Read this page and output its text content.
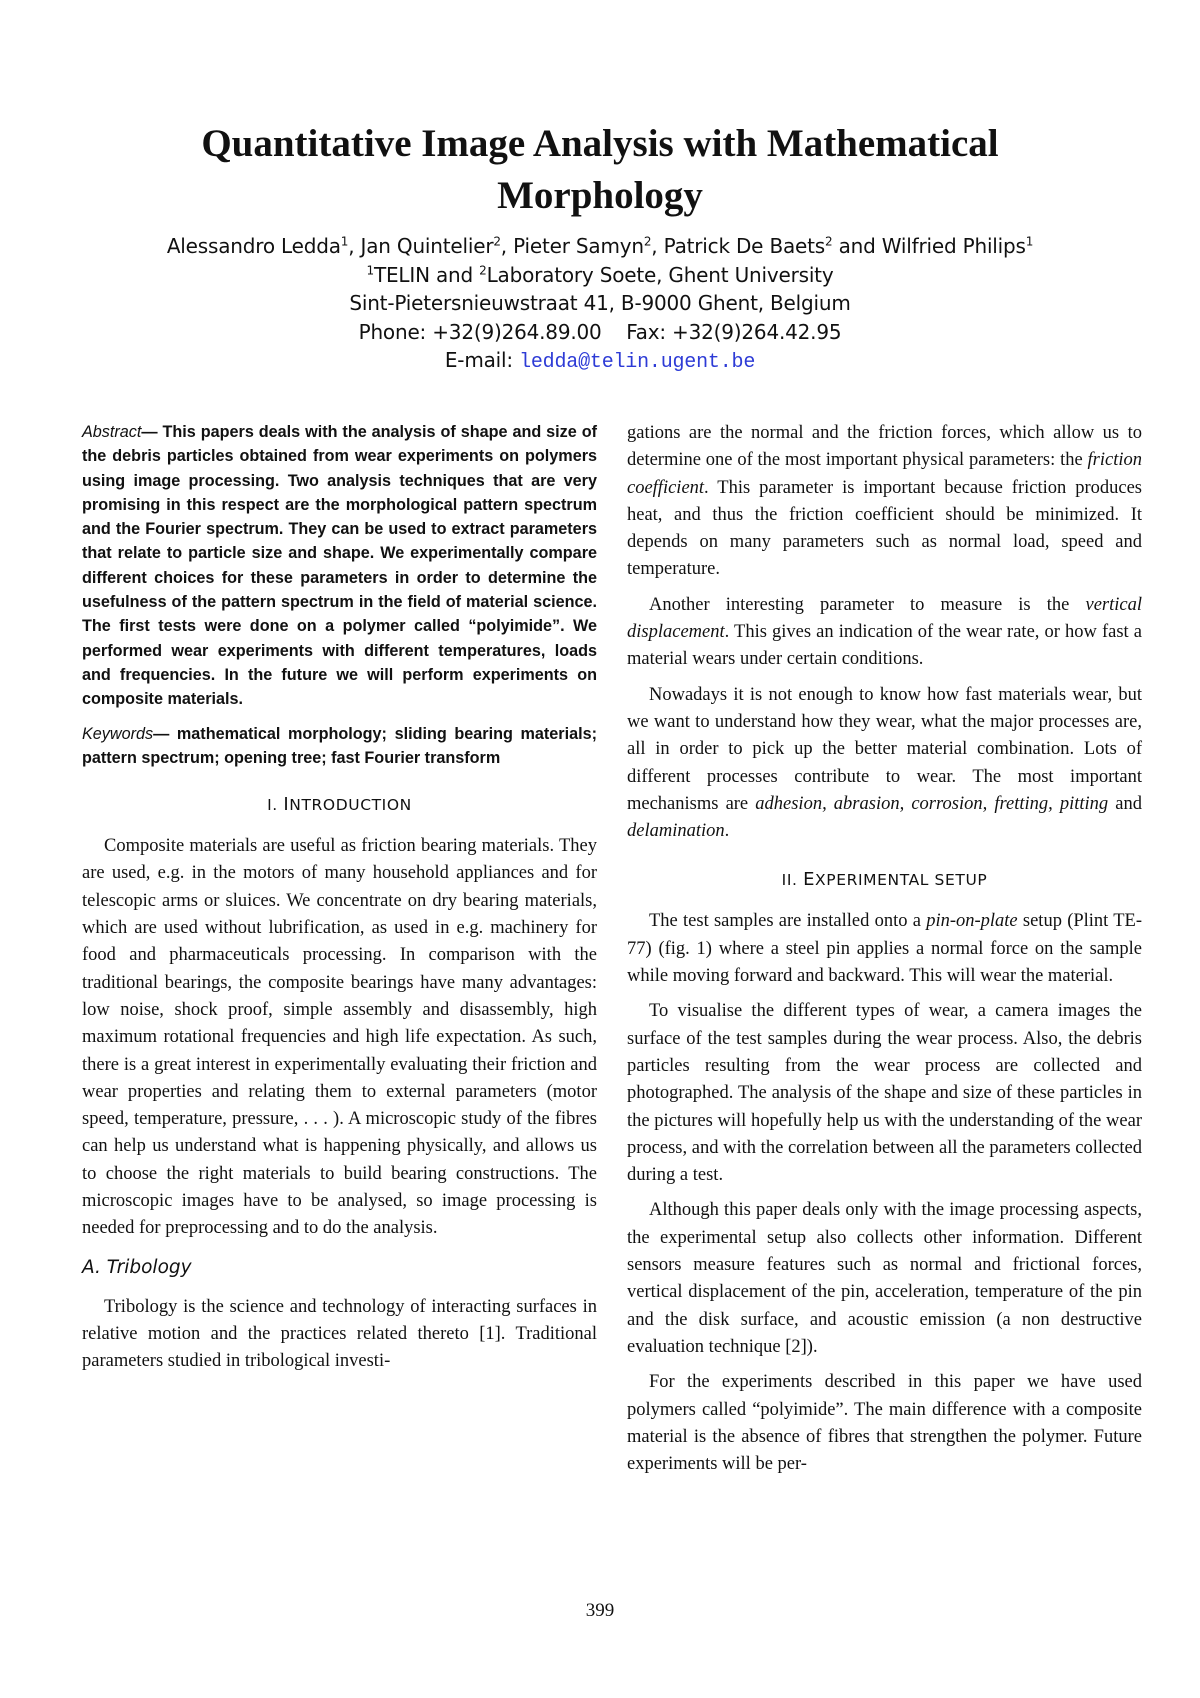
Quantitative Image Analysis with Mathematical
Morphology
Alessandro Ledda$^1$, Jan Quintelier$^2$, Pieter Samyn$^2$, Patrick De Baets$^2$ and Wilfried Philips$^1$
$^1$TELIN and $^2$Laboratory Soete, Ghent University
Sint-Pietersnieuwstraat 41, B-9000 Ghent, Belgium
Phone: +32(9)264.89.00    Fax: +32(9)264.42.95
E-mail: ledda@telin.ugent.be

Abstract— This papers deals with the analysis of shape and size of the debris particles obtained from wear experiments on polymers using image processing. Two analysis techniques that are very promising in this respect are the morphological pattern spectrum and the Fourier spectrum. They can be used to extract parameters that relate to particle size and shape. We experimentally compare different choices for these parameters in order to determine the usefulness of the pattern spectrum in the field of material science. The first tests were done on a polymer called “polyimide”. We performed wear experiments with different temperatures, loads and frequencies. In the future we will perform experiments on composite materials.

Keywords— mathematical morphology; sliding bearing materials; pattern spectrum; opening tree; fast Fourier transform

I. INTRODUCTION

Composite materials are useful as friction bearing materials. They are used, e.g. in the motors of many household appliances and for telescopic arms or sluices. We concentrate on dry bearing materials, which are used without lubrification, as used in e.g. machinery for food and pharmaceuticals processing. In comparison with the traditional bearings, the composite bearings have many advantages: low noise, shock proof, simple assembly and disassembly, high maximum rotational frequencies and high life expectation. As such, there is a great interest in experimentally evaluating their friction and wear properties and relating them to external parameters (motor speed, temperature, pressure, . . . ). A microscopic study of the fibres can help us understand what is happening physically, and allows us to choose the right materials to build bearing constructions. The microscopic images have to be analysed, so image processing is needed for preprocessing and to do the analysis.

A. Tribology

Tribology is the science and technology of interacting surfaces in relative motion and the practices related thereto [1]. Traditional parameters studied in tribological investi-

gations are the normal and the friction forces, which allow us to determine one of the most important physical parameters: the friction coefficient. This parameter is important because friction produces heat, and thus the friction coefficient should be minimized. It depends on many parameters such as normal load, speed and temperature.

Another interesting parameter to measure is the vertical displacement. This gives an indication of the wear rate, or how fast a material wears under certain conditions.

Nowadays it is not enough to know how fast materials wear, but we want to understand how they wear, what the major processes are, all in order to pick up the better material combination. Lots of different processes contribute to wear. The most important mechanisms are adhesion, abrasion, corrosion, fretting, pitting and delamination.

II. EXPERIMENTAL SETUP

The test samples are installed onto a pin-on-plate setup (Plint TE-77) (fig. 1) where a steel pin applies a normal force on the sample while moving forward and backward. This will wear the material.

To visualise the different types of wear, a camera images the surface of the test samples during the wear process. Also, the debris particles resulting from the wear process are collected and photographed. The analysis of the shape and size of these particles in the pictures will hopefully help us with the understanding of the wear process, and with the correlation between all the parameters collected during a test.

Although this paper deals only with the image processing aspects, the experimental setup also collects other information. Different sensors measure features such as normal and frictional forces, vertical displacement of the pin, acceleration, temperature of the pin and the disk surface, and acoustic emission (a non destructive evaluation technique [2]).

For the experiments described in this paper we have used polymers called “polyimide”. The main difference with a composite material is the absence of fibres that strengthen the polymer. Future experiments will be per-

399
